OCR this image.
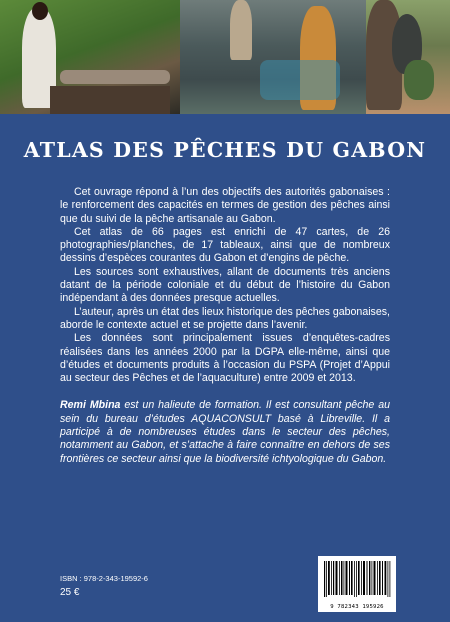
ATLAS DES PÊCHES DU GABON

Cet ouvrage répond à l’un des objectifs des autorités gabonaises : le renforcement des capacités en termes de gestion des pêches ainsi que du suivi de la pêche artisanale au Gabon.

Cet atlas de 66 pages est enrichi de 47 cartes, de 26 photographies/planches, de 17 tableaux, ainsi que de nombreux dessins d’espèces courantes du Gabon et d’engins de pêche.

Les sources sont exhaustives, allant de documents très anciens datant de la période coloniale et du début de l’histoire du Gabon indépendant à des données presque actuelles.

L’auteur, après un état des lieux historique des pêches gabonaises, aborde le contexte actuel et se projette dans l’avenir.

Les données sont principalement issues d’enquêtes-cadres réalisées dans les années 2000 par la DGPA elle-même, ainsi que d’études et documents produits à l’occasion du PSPA (Projet d’Appui au secteur des Pêches et de l’aquaculture) entre 2009 et 2013.

Remi Mbina est un halieute de formation. Il est consultant pêche au sein du bureau d’études AQUACONSULT basé à Libreville. Il a participé à de nombreuses études dans le secteur des pêches, notamment au Gabon, et s’attache à faire connaître en dehors de ses frontières ce secteur ainsi que la biodiversité ichtyologique du Gabon.

ISBN : 978-2-343-19592-6
25 €
9 782343 195926
